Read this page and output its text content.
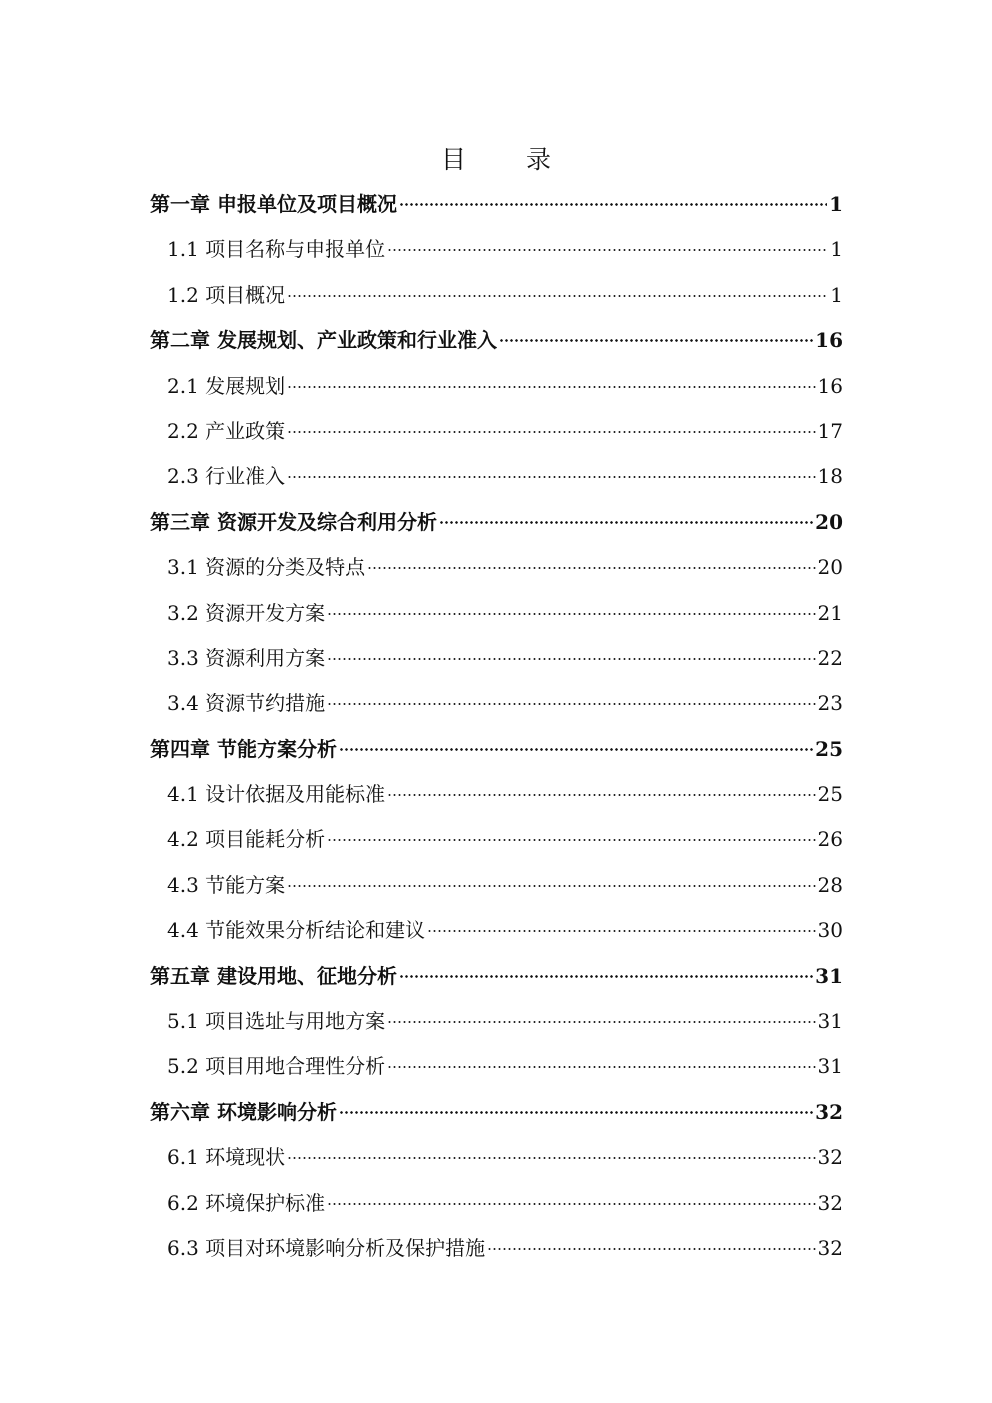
目 录
第一章 申报单位及项目概况	1
1.1 项目名称与申报单位	1
1.2 项目概况	1
第二章 发展规划、产业政策和行业准入	16
2.1 发展规划	16
2.2 产业政策	17
2.3 行业准入	18
第三章 资源开发及综合利用分析	20
3.1 资源的分类及特点	20
3.2 资源开发方案	21
3.3 资源利用方案	22
3.4 资源节约措施	23
第四章 节能方案分析	25
4.1 设计依据及用能标准	25
4.2 项目能耗分析	26
4.3 节能方案	28
4.4 节能效果分析结论和建议	30
第五章 建设用地、征地分析	31
5.1 项目选址与用地方案	31
5.2 项目用地合理性分析	31
第六章 环境影响分析	32
6.1 环境现状	32
6.2 环境保护标准	32
6.3 项目对环境影响分析及保护措施	32
